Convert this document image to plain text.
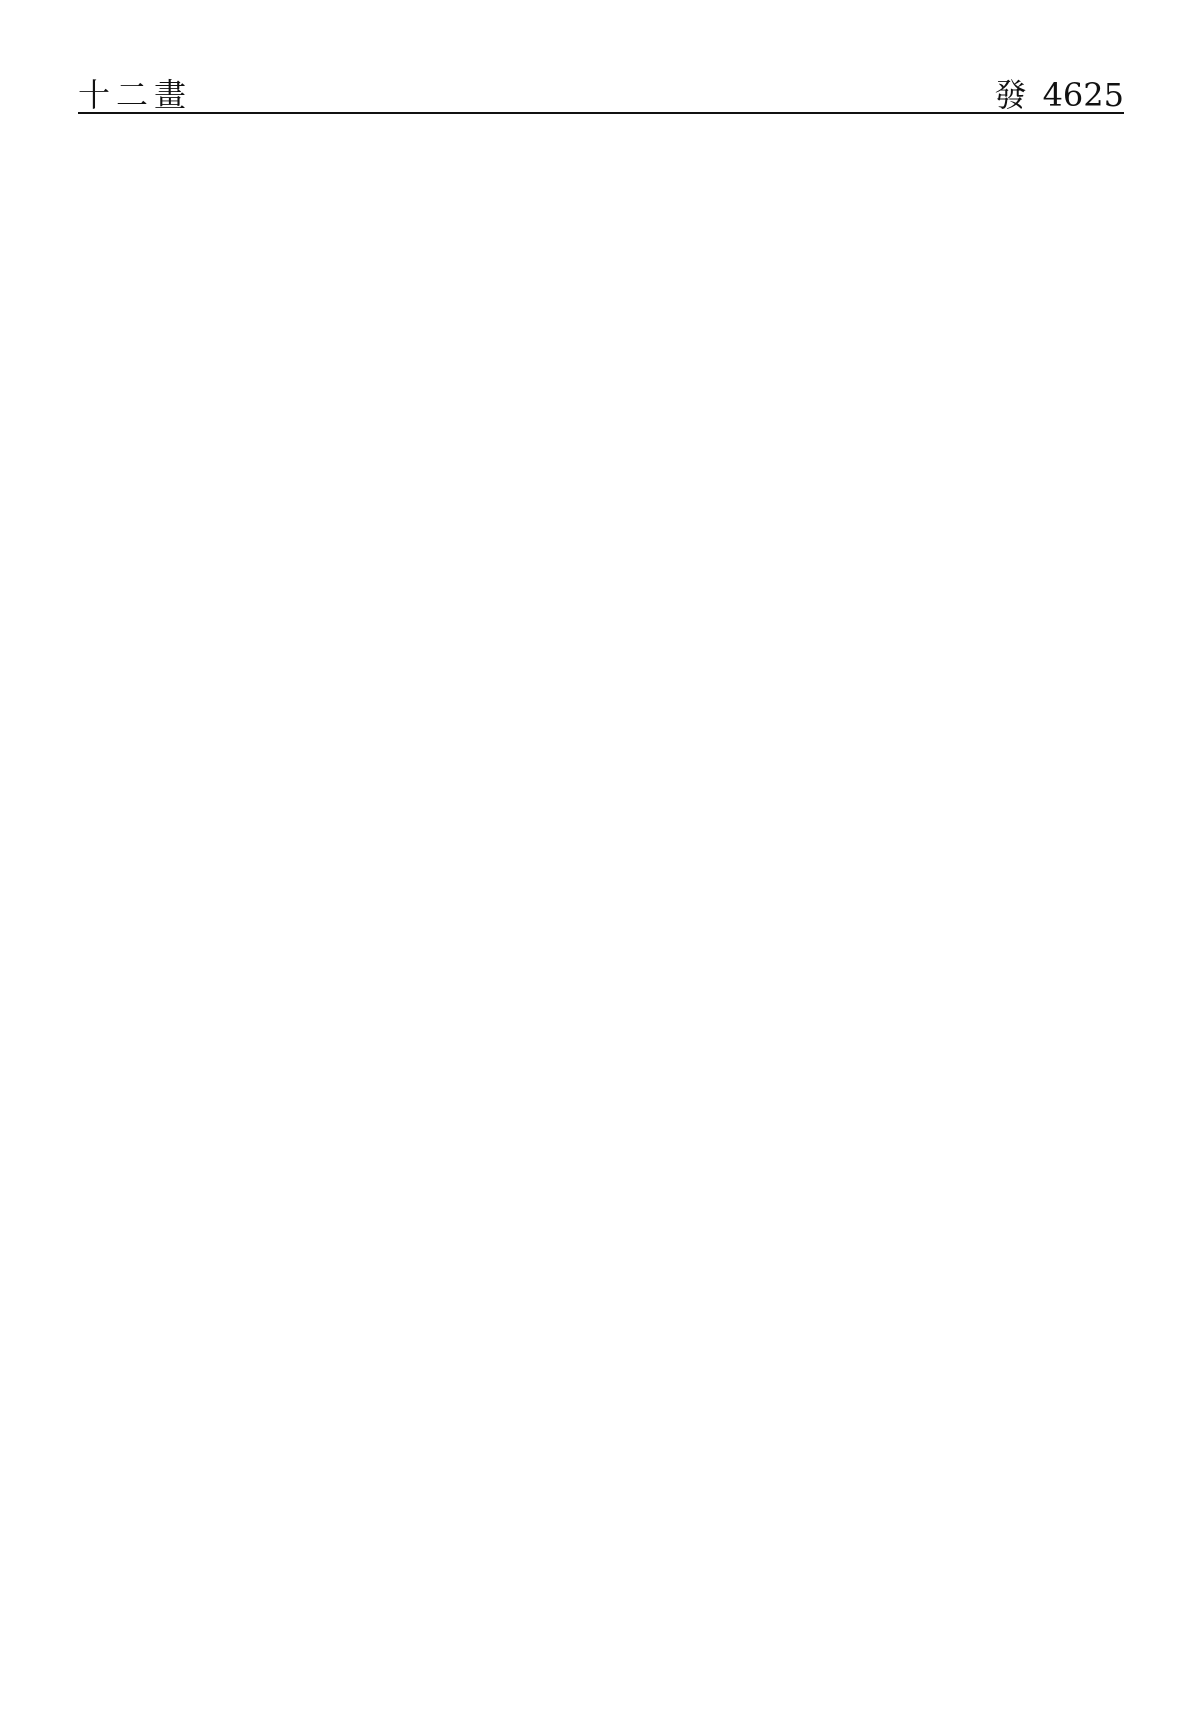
十二畫	發 4625
